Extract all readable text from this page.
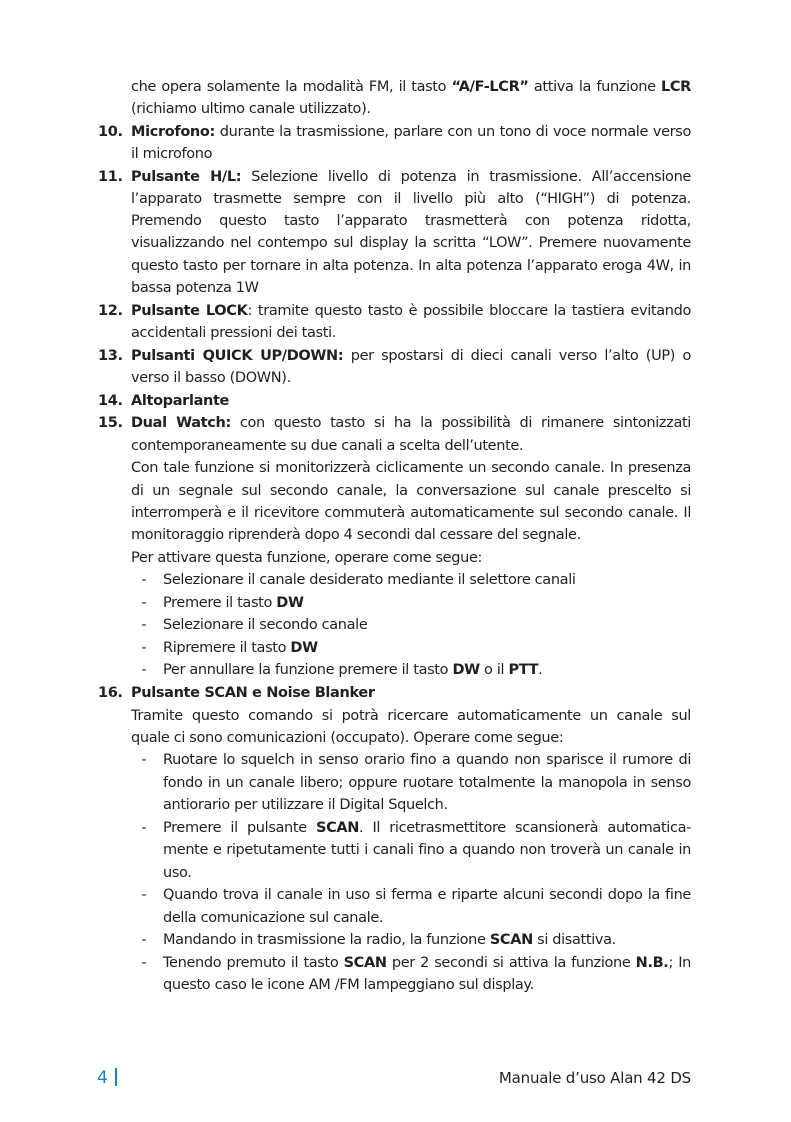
che opera solamente la modalità FM, il tasto “A/F-LCR” attiva la funzione LCR
(richiamo ultimo canale utilizzato).
10. Microfono: durante la trasmissione, parlare con un tono di voce normale verso
il microfono
11. Pulsante H/L: Selezione livello di potenza in trasmissione. All’accensione
l’apparato trasmette sempre con il livello più alto (“HIGH”) di potenza.
Premendo questo tasto l’apparato trasmetterà con potenza ridotta,
visualizzando nel contempo sul display la scritta “LOW”. Premere nuovamente
questo tasto per tornare in alta potenza. In alta potenza l’apparato eroga 4W, in
bassa potenza 1W
12. Pulsante LOCK: tramite questo tasto è possibile bloccare la tastiera evitando
accidentali pressioni dei tasti.
13. Pulsanti QUICK UP/DOWN: per spostarsi di dieci canali verso l’alto (UP) o
verso il basso (DOWN).
14. Altoparlante
15. Dual Watch: con questo tasto si ha la possibilità di rimanere sintonizzati
contemporaneamente su due canali a scelta dell’utente.
Con tale funzione si monitorizzerà ciclicamente un secondo canale. In presenza
di un segnale sul secondo canale, la conversazione sul canale prescelto si
interromperà e il ricevitore commuterà automaticamente sul secondo canale. Il
monitoraggio riprenderà dopo 4 secondi dal cessare del segnale.
Per attivare questa funzione, operare come segue:
- Selezionare il canale desiderato mediante il selettore canali
- Premere il tasto DW
- Selezionare il secondo canale
- Ripremere il tasto DW
- Per annullare la funzione premere il tasto DW o il PTT.
16. Pulsante SCAN e Noise Blanker
Tramite questo comando si potrà ricercare automaticamente un canale sul
quale ci sono comunicazioni (occupato). Operare come segue:
- Ruotare lo squelch in senso orario fino a quando non sparisce il rumore di
fondo in un canale libero; oppure ruotare totalmente la manopola in senso
antiorario per utilizzare il Digital Squelch.
- Premere il pulsante SCAN. Il ricetrasmettitore scansionerà automatica-
mente e ripetutamente tutti i canali fino a quando non troverà un canale in
uso.
- Quando trova il canale in uso si ferma e riparte alcuni secondi dopo la fine
della comunicazione sul canale.
- Mandando in trasmissione la radio, la funzione SCAN si disattiva.
- Tenendo premuto il tasto SCAN per 2 secondi si attiva la funzione N.B.; In
questo caso le icone AM /FM lampeggiano sul display.
4	Manuale d’uso Alan 42 DS
